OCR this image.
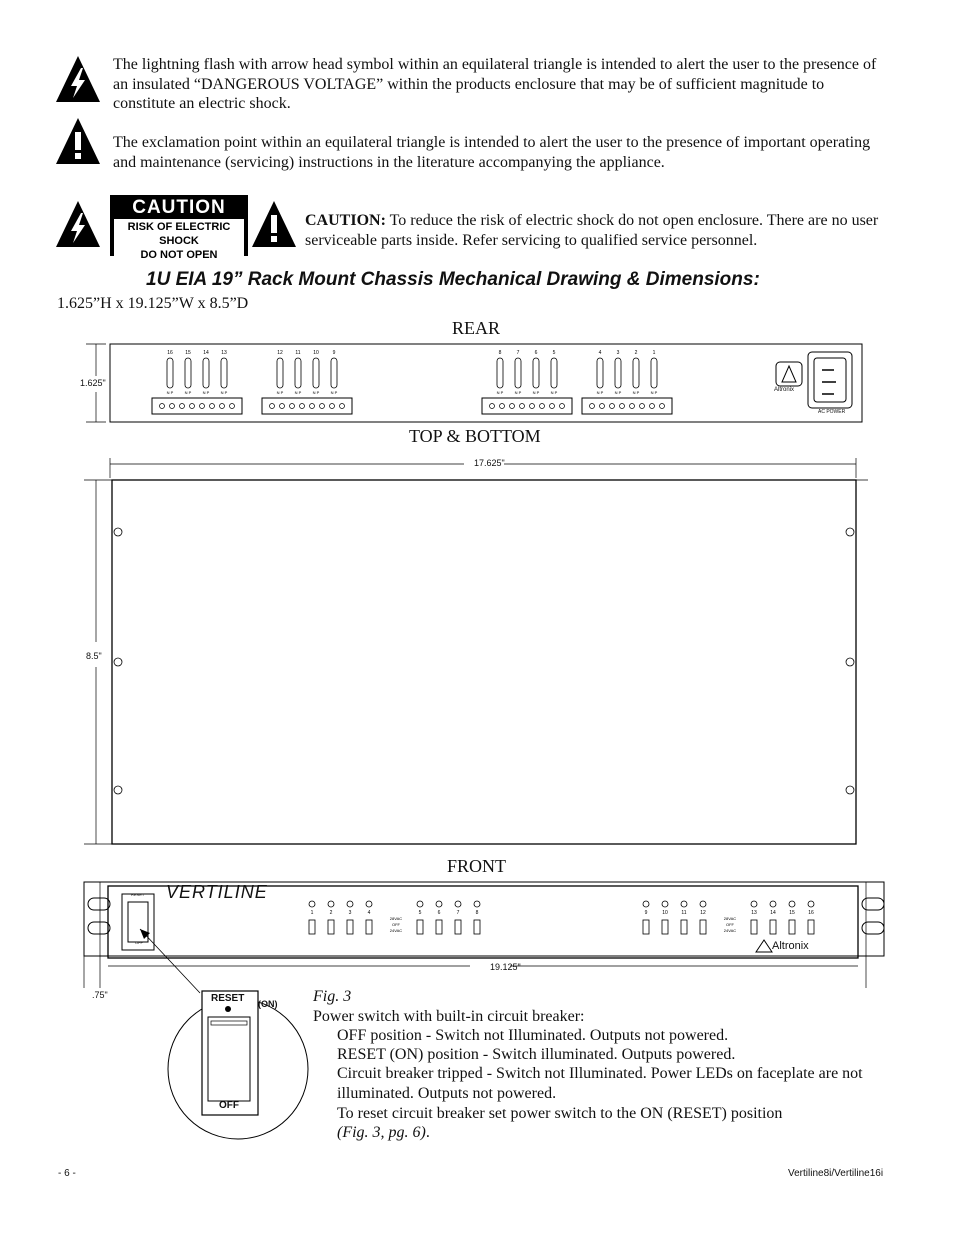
The lightning flash with arrow head symbol within an equilateral triangle is intended to alert the user to the presence of an insulated “DANGEROUS VOLTAGE” within the products enclosure that may be of sufficient magnitude to constitute an electric shock.
The exclamation point within an equilateral triangle is intended to alert the user to the presence of important operating and maintenance (servicing) instructions in the literature accompanying the appliance.
CAUTION
RISK OF ELECTRIC SHOCK
DO NOT OPEN
CAUTION: To reduce the risk of electric shock do not open enclosure. There are no user serviceable parts inside. Refer servicing to qualified service personnel.
1U EIA 19” Rack Mount Chassis Mechanical Drawing & Dimensions:
1.625”H x 19.125”W x 8.5”D
REAR
16
N P
15
N P
14
N P
13
N P
12
N P
11
N P
10
N P
9
N P
8
N P
7
N P
6
N P
5
N P
4
N P
3
N P
2
N P
1
N P
1.625"
Altronix
AC POWER
TOP & BOTTOM
17.625"
8.5"
FRONT
1	2	3	4
28VAC
OFF
24VAC
5	6	7	8	9	10	11	12
28VAC
OFF
24VAC
13	14	15	16
VERTILINE
RESET
OFF	Altronix
19.125"
.75"	RESET (ON)
OFF
Fig. 3
Power switch with built-in circuit breaker:
OFF position - Switch not Illuminated. Outputs not powered.
RESET (ON) position - Switch illuminated. Outputs powered.
Circuit breaker tripped - Switch not Illuminated. Power LEDs on faceplate are not illuminated. Outputs not powered.
To reset circuit breaker set power switch to the ON (RESET) position
(Fig. 3, pg. 6).
- 6 -	Vertiline8i/Vertiline16i
